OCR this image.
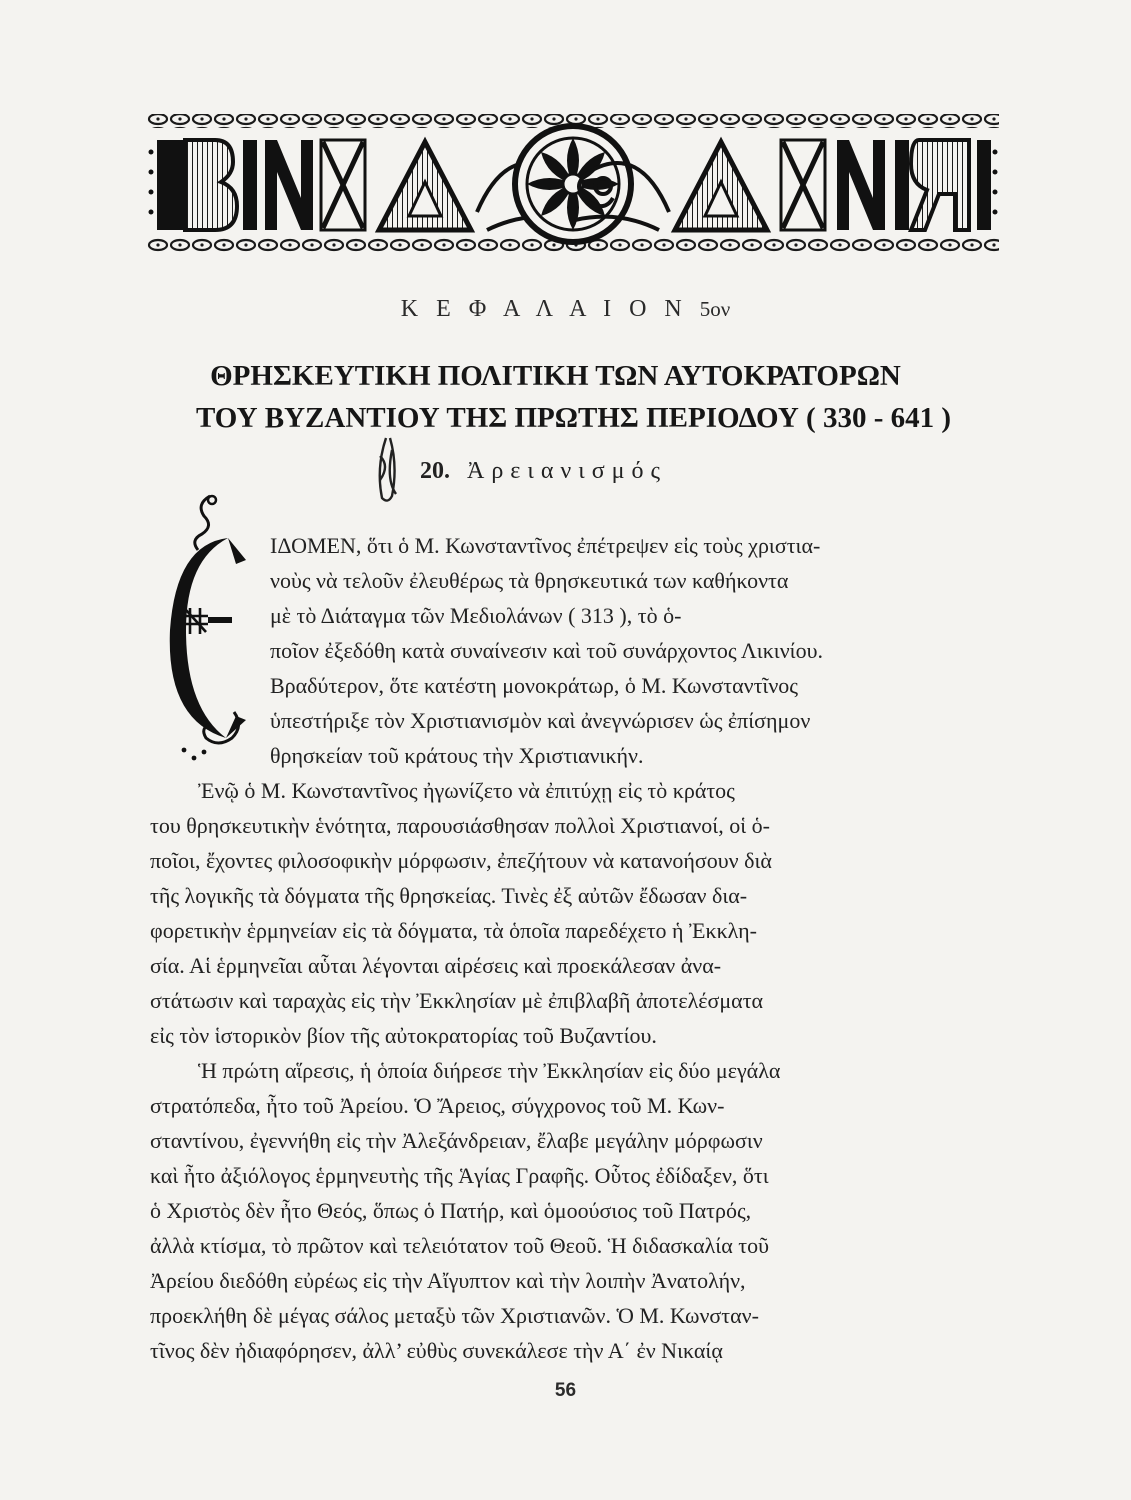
Κ Ε Φ Α Λ Α Ι Ο Ν 5ον
ΘΡΗΣΚΕΥΤΙΚΗ ΠΟΛΙΤΙΚΗ ΤΩΝ ΑΥΤΟΚΡΑΤΟΡΩΝ
ΤΟΥ ΒΥΖΑΝΤΙΟΥ ΤΗΣ ΠΡΩΤΗΣ ΠΕΡΙΟΔΟΥ ( 330 - 641 )
20. Ἀρειανισμός
ΙΔΟΜΕΝ, ὅτι ὁ Μ. Κωνσταντῖνος ἐπέτρεψεν εἰς τοὺς χριστια-
νοὺς νὰ τελοῦν ἐλευθέρως τὰ θρησκευτικά των καθήκοντα
μὲ τὸ Διάταγμα τῶν Μεδιολάνων ( 313 ), τὸ ὁ-
ποῖον ἐξεδόθη κατὰ συναίνεσιν καὶ τοῦ συνάρχοντος Λικινίου.
Βραδύτερον, ὅτε κατέστη μονοκράτωρ, ὁ Μ. Κωνσταντῖνος
ὑπεστήριξε τὸν Χριστιανισμὸν καὶ ἀνεγνώρισεν ὡς ἐπίσημον
θρησκείαν τοῦ κράτους τὴν Χριστιανικήν.
Ἐνῷ ὁ Μ. Κωνσταντῖνος ἠγωνίζετο νὰ ἐπιτύχῃ εἰς τὸ κράτος
του θρησκευτικὴν ἑνότητα, παρουσιάσθησαν πολλοὶ Χριστιανοί, οἱ ὁ-
ποῖοι, ἔχοντες φιλοσοφικὴν μόρφωσιν, ἐπεζήτουν νὰ κατανοήσουν διὰ
τῆς λογικῆς τὰ δόγματα τῆς θρησκείας. Τινὲς ἐξ αὐτῶν ἔδωσαν δια-
φορετικὴν ἑρμηνείαν εἰς τὰ δόγματα, τὰ ὁποῖα παρεδέχετο ἡ Ἐκκλη-
σία. Αἱ ἑρμηνεῖαι αὗται λέγονται αἱρέσεις καὶ προεκάλεσαν ἀνα-
στάτωσιν καὶ ταραχὰς εἰς τὴν Ἐκκλησίαν μὲ ἐπιβλαβῆ ἀποτελέσματα
εἰς τὸν ἱστορικὸν βίον τῆς αὐτοκρατορίας τοῦ Βυζαντίου.
Ἡ πρώτη αἵρεσις, ἡ ὁποία διήρεσε τὴν Ἐκκλησίαν εἰς δύο μεγάλα
στρατόπεδα, ἦτο τοῦ Ἀρείου. Ὁ Ἄρειος, σύγχρονος τοῦ Μ. Κων-
σταντίνου, ἐγεννήθη εἰς τὴν Ἀλεξάνδρειαν, ἔλαβε μεγάλην μόρφωσιν
καὶ ἦτο ἀξιόλογος ἑρμηνευτὴς τῆς Ἁγίας Γραφῆς. Οὗτος ἐδίδαξεν, ὅτι
ὁ Χριστὸς δὲν ἦτο Θεός, ὅπως ὁ Πατήρ, καὶ ὁμοούσιος τοῦ Πατρός,
ἀλλὰ κτίσμα, τὸ πρῶτον καὶ τελειότατον τοῦ Θεοῦ. Ἡ διδασκαλία τοῦ
Ἀρείου διεδόθη εὐρέως εἰς τὴν Αἴγυπτον καὶ τὴν λοιπὴν Ἀνατολήν,
προεκλήθη δὲ μέγας σάλος μεταξὺ τῶν Χριστιανῶν. Ὁ Μ. Κωνσταν-
τῖνος δὲν ἠδιαφόρησεν, ἀλλ’ εὐθὺς συνεκάλεσε τὴν Α΄ ἐν Νικαίᾳ
56
